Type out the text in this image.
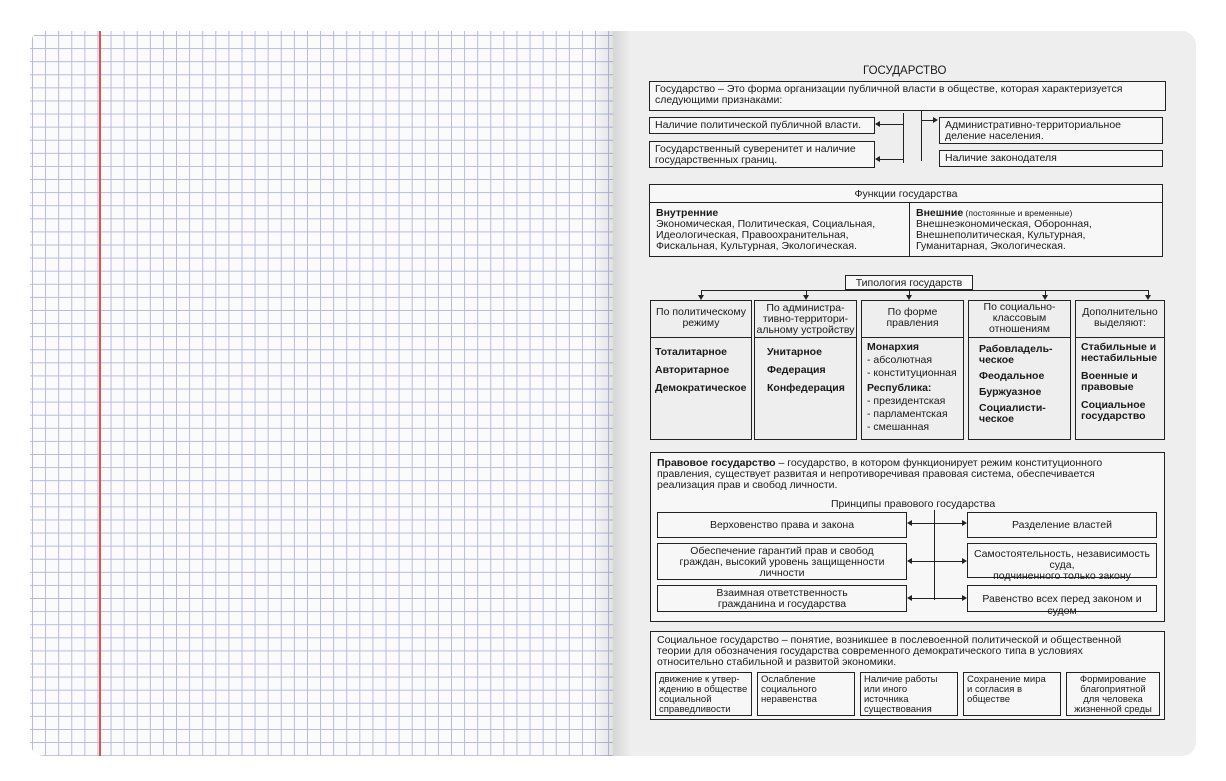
ГОСУДАРСТВО
Государство – Это форма организации публичной власти в обществе, которая характеризуется
следующими признаками:
Наличие политической публичной власти.
Государственный суверенитет и наличие
государственных границ.
Административно-территориальное
деление населения.
Наличие законодателя
Функции государства
Внутренние
Экономическая, Политическая, Социальная,
Идеологическая, Правоохранительная,
Фискальная, Культурная, Экологическая.
Внешние (постоянные и временные)
Внешнеэкономическая, Оборонная,
Внешнеполитическая, Культурная,
Гуманитарная, Экологическая.
Типология государств
По политическому
режиму
Тоталитарное
Авторитарное
Демократическое
По администра-
тивно-территори-
альному устройству
Унитарное
Федерация
Конфедерация
По форме
правления
Монархия
- абсолютная
- конституционная
Республика:
- президентская
- парламентская
- смешанная
По социально-
классовым
отношениям
Рабовладель-
ческое
Феодальное
Буржуазное
Социалисти-
ческое
Дополнительно
выделяют:
Стабильные и
нестабильные
Военные и
правовые
Социальное
государство
Правовое государство – государство, в котором функционирует режим конституционного
правления, существует развитая и непротиворечивая правовая система, обеспечивается
реализация прав и свобод личности.
Принципы правового государства
Верховенство права и закона
Обеспечение гарантий прав и свобод
граждан, высокий уровень защищенности
личности
Взаимная ответственность
гражданина и государства
Разделение властей
Самостоятельность, независимость суда,
подчиненного только закону
Равенство всех перед законом и судом
Социальное государство – понятие, возникшее в послевоенной политической и общественной
теории для обозначения государства современного демократического типа в условиях
относительно стабильной и развитой экономики.
движение к утвер-
ждению в обществе
социальной
справедливости
Ослабление
социального
неравенства
Наличие работы
или иного
источника
существования
Сохранение мира
и согласия в
обществе
Формирование
благоприятной
для человека
жизненной среды
